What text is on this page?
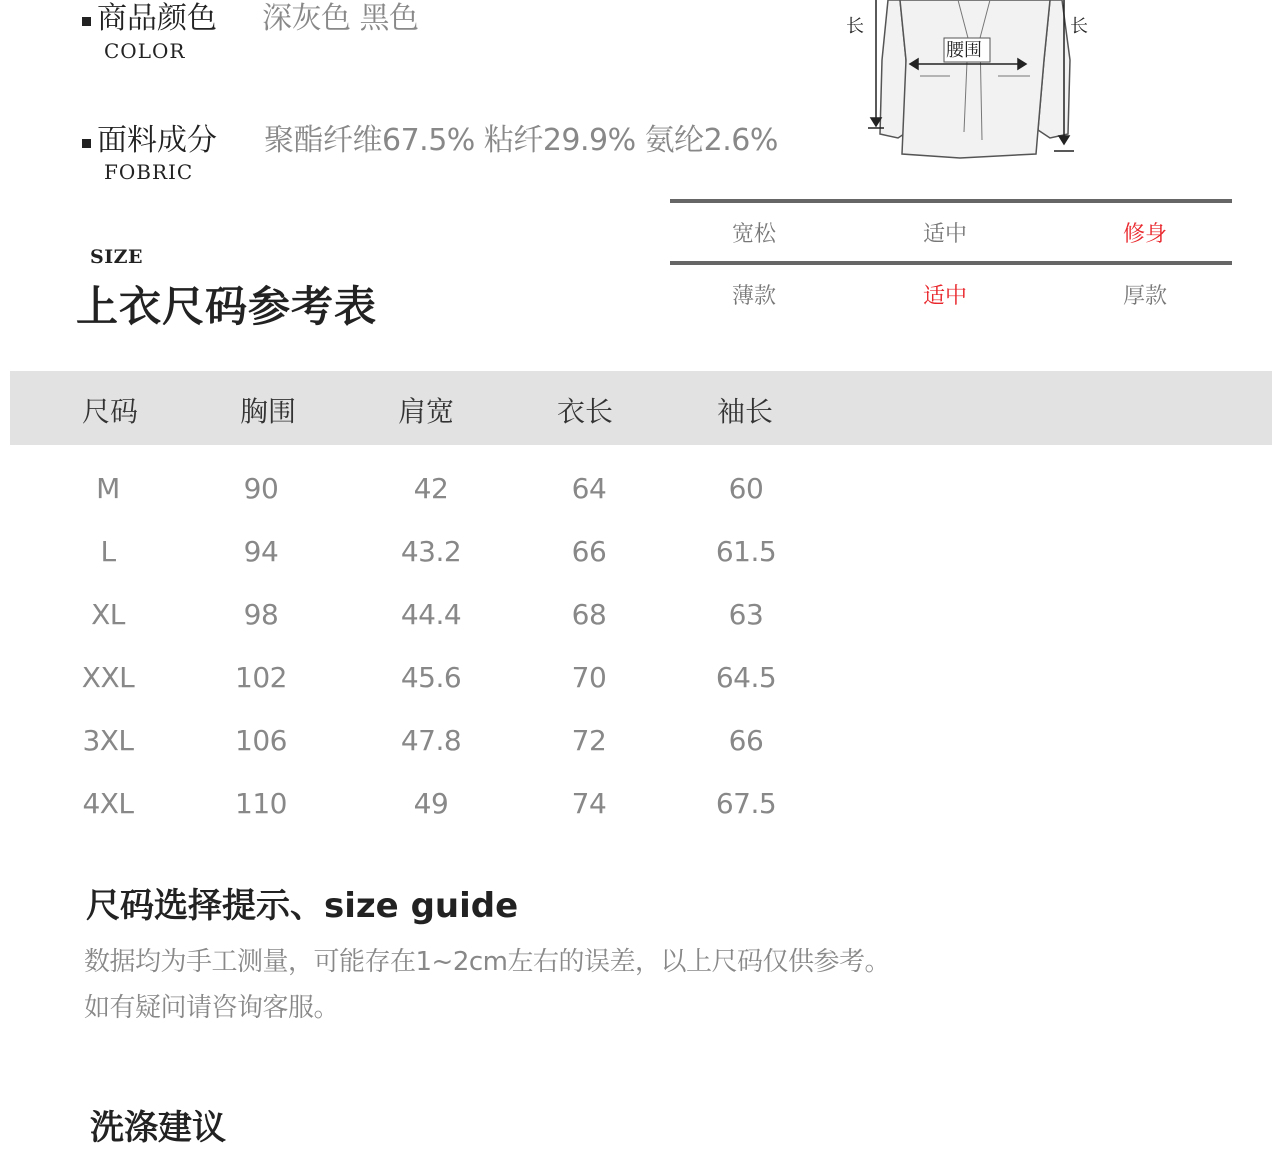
商品颜色
COLOR
深灰色 黑色
面料成分
FOBRIC
聚酯纤维67.5% 粘纤29.9% 氨纶2.6%
腰围
长	长
SIZE
上衣尺码参考表
宽松	适中	修身
薄款	适中	厚款
尺码	胸围	肩宽	衣长	袖长
M	90	42	64	60
L	94	43.2	66	61.5
XL	98	44.4	68	63
XXL	102	45.6	70	64.5
3XL	106	47.8	72	66
4XL	110	49	74	67.5
尺码选择提示、size guide
数据均为手工测量，可能存在1~2cm左右的误差，以上尺码仅供参考。
如有疑问请咨询客服。
洗涤建议
